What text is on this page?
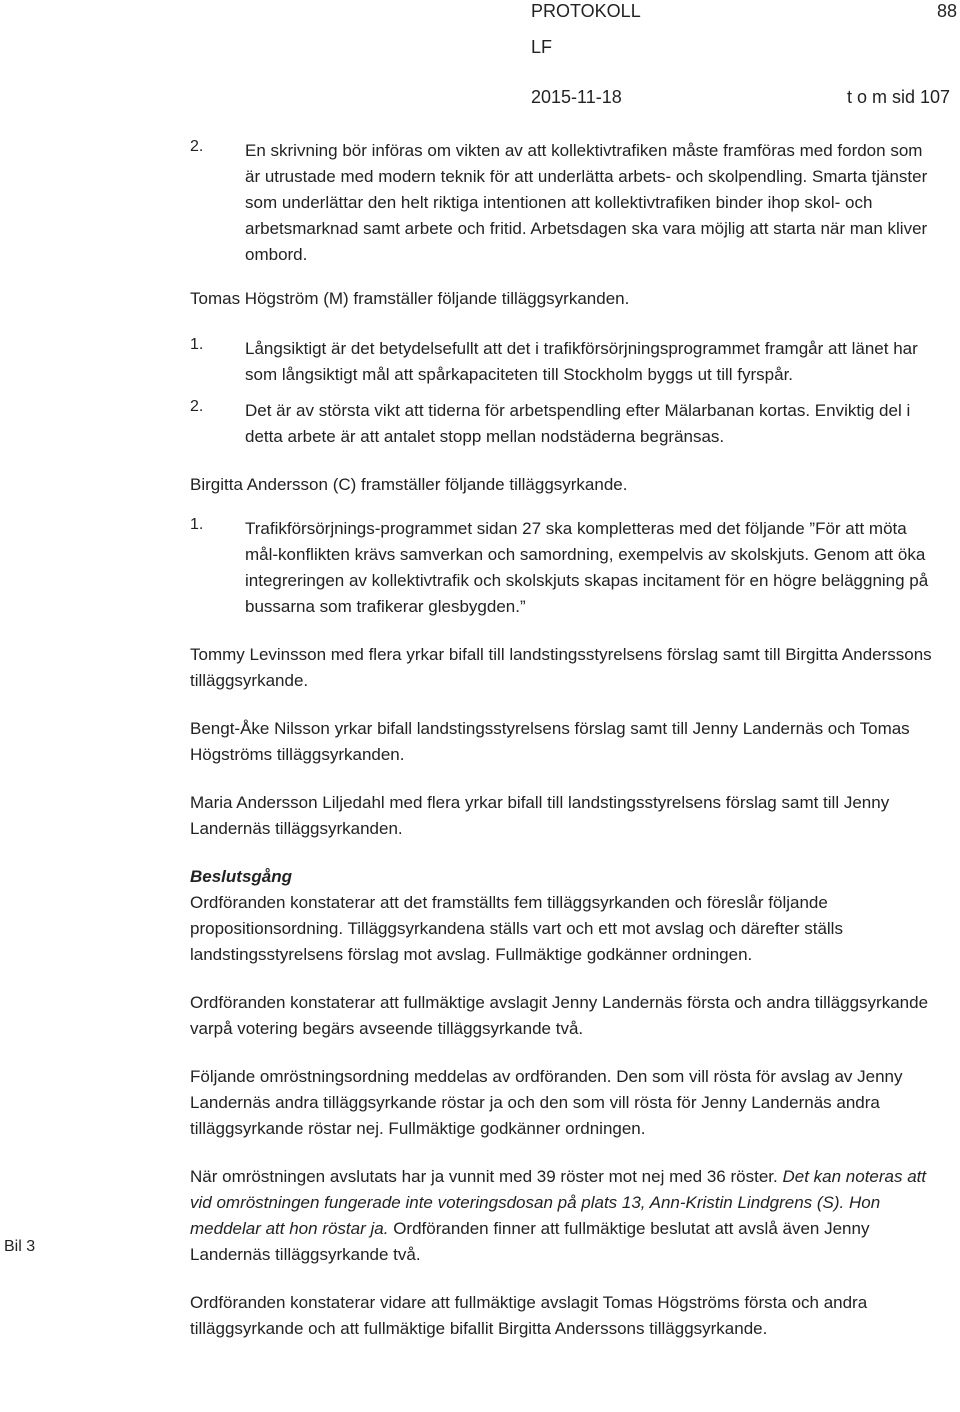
PROTOKOLL	88
LF
2015-11-18	t o m sid 107
Bil 3
2. En skrivning bör införas om vikten av att kollektivtrafiken måste framföras med fordon som är utrustade med modern teknik för att underlätta arbets- och skolpendling. Smarta tjänster som underlättar den helt riktiga intentionen att kollektivtrafiken binder ihop skol- och arbetsmarknad samt arbete och fritid. Arbetsdagen ska vara möjlig att starta när man kliver ombord.

Tomas Högström (M) framställer följande tilläggsyrkanden.

1. Långsiktigt är det betydelsefullt att det i trafikförsörjningsprogrammet framgår att länet har som långsiktigt mål att spårkapaciteten till Stockholm byggs ut till fyrspår.

2. Det är av största vikt att tiderna för arbetspendling efter Mälarbanan kortas. Enviktig del i detta arbete är att antalet stopp mellan nodstäderna begränsas.

Birgitta Andersson (C) framställer följande tilläggsyrkande.

1. Trafikförsörjnings-programmet sidan 27 ska kompletteras med det följande ”För att möta mål-konflikten krävs samverkan och samordning, exempelvis av skolskjuts. Genom att öka integreringen av kollektivtrafik och skolskjuts skapas incitament för en högre beläggning på bussarna som trafikerar glesbygden.”

Tommy Levinsson med flera yrkar bifall till landstingsstyrelsens förslag samt till Birgitta Anderssons tilläggsyrkande.

Bengt-Åke Nilsson yrkar bifall landstingsstyrelsens förslag samt till Jenny Landernäs och Tomas Högströms tilläggsyrkanden.

Maria Andersson Liljedahl med flera yrkar bifall till landstingsstyrelsens förslag samt till Jenny Landernäs tilläggsyrkanden.

Beslutsgång

Ordföranden konstaterar att det framställts fem tilläggsyrkanden och föreslår följande propositionsordning. Tilläggsyrkandena ställs vart och ett mot avslag och därefter ställs landstingsstyrelsens förslag mot avslag. Fullmäktige godkänner ordningen.

Ordföranden konstaterar att fullmäktige avslagit Jenny Landernäs första och andra tilläggsyrkande varpå votering begärs avseende tilläggsyrkande två.

Följande omröstningsordning meddelas av ordföranden. Den som vill rösta för avslag av Jenny Landernäs andra tilläggsyrkande röstar ja och den som vill rösta för Jenny Landernäs andra tilläggsyrkande röstar nej. Fullmäktige godkänner ordningen.

När omröstningen avslutats har ja vunnit med 39 röster mot nej med 36 röster. Det kan noteras att vid omröstningen fungerade inte voteringsdosan på plats 13, Ann-Kristin Lindgrens (S). Hon meddelar att hon röstar ja. Ordföranden finner att fullmäktige beslutat att avslå även Jenny Landernäs tilläggsyrkande två.

Ordföranden konstaterar vidare att fullmäktige avslagit Tomas Högströms första och andra tilläggsyrkande och att fullmäktige bifallit Birgitta Anderssons tilläggsyrkande.
